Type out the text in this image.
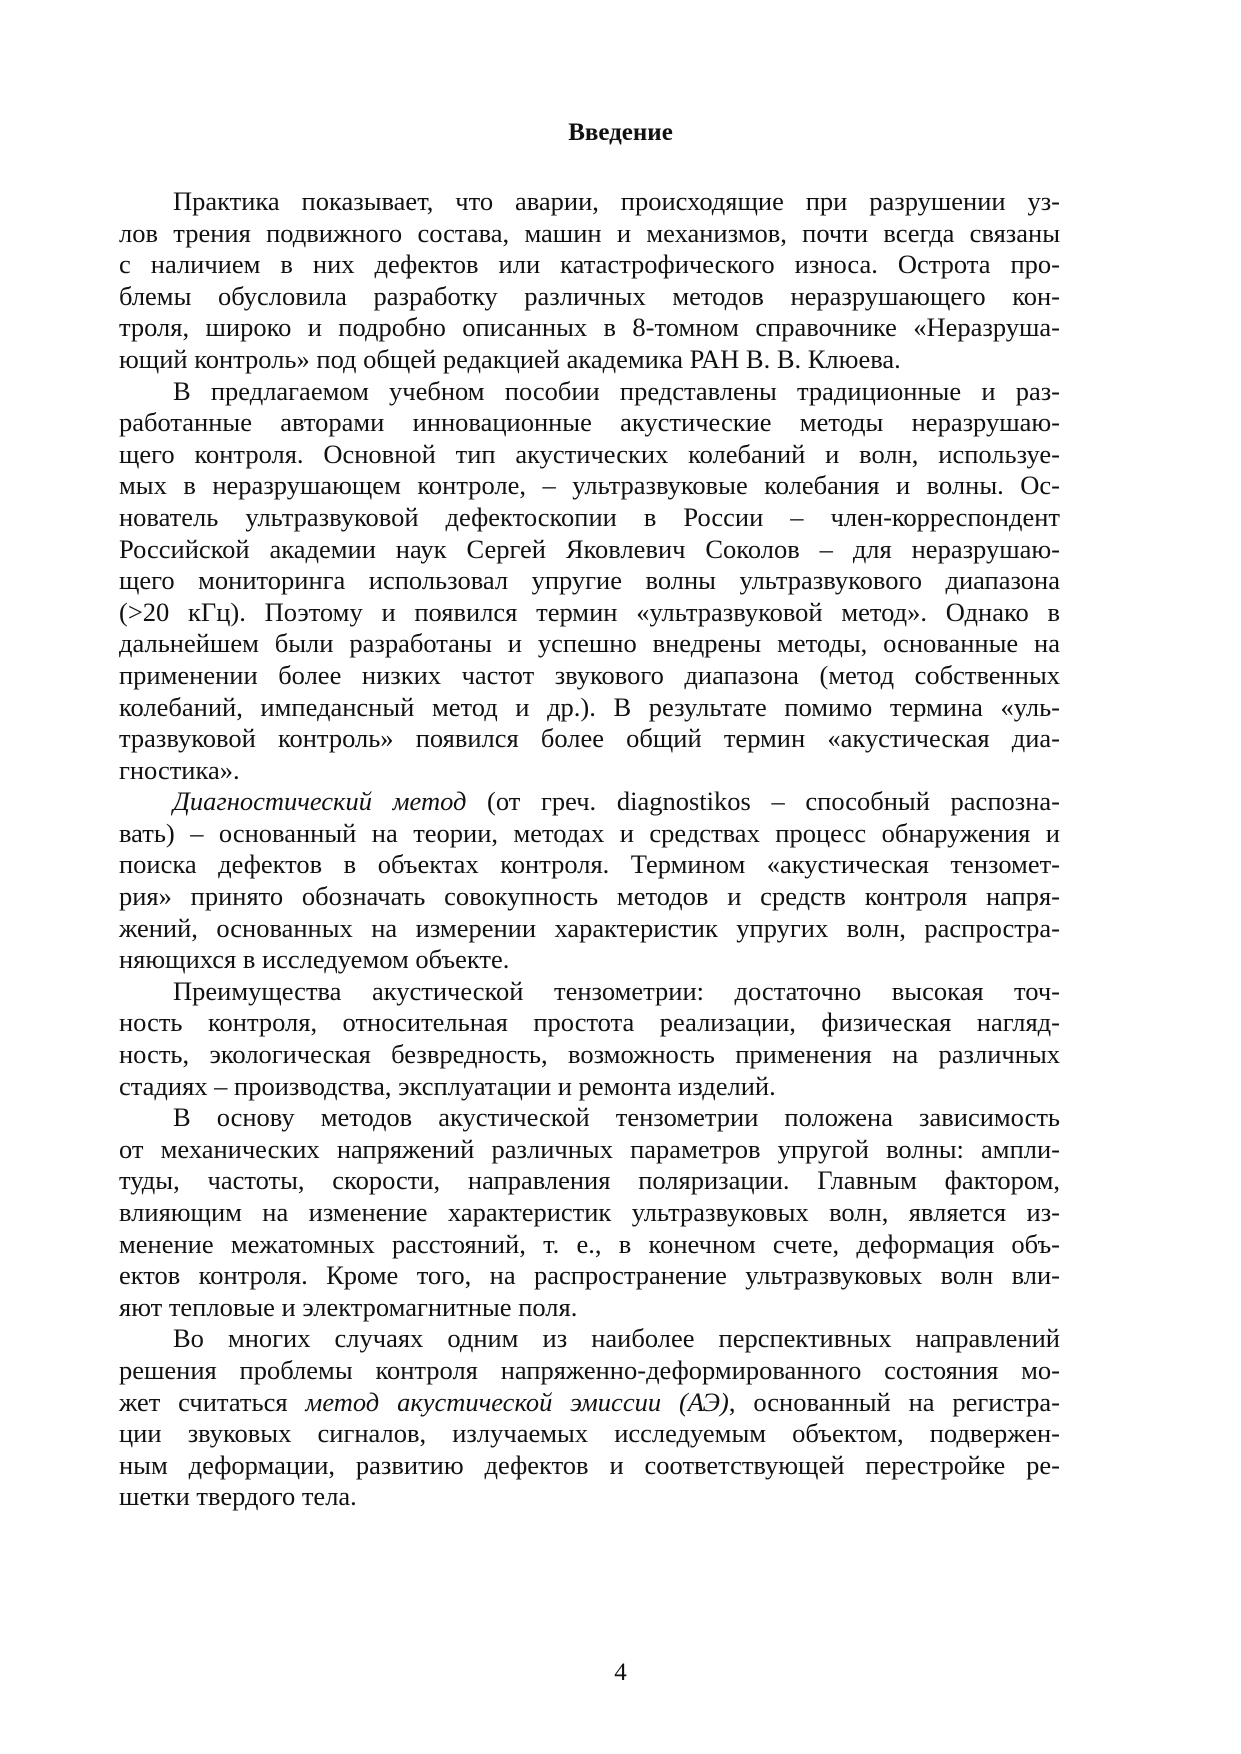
Введение
Практика показывает, что аварии, происходящие при разрушении уз-
лов трения подвижного состава, машин и механизмов, почти всегда связаны
с наличием в них дефектов или катастрофического износа. Острота про-
блемы обусловила разработку различных методов неразрушающего кон-
троля, широко и подробно описанных в 8-томном справочнике «Неразруша-
ющий контроль» под общей редакцией академика РАН В. В. Клюева.
В предлагаемом учебном пособии представлены традиционные и раз-
работанные авторами инновационные акустические методы неразрушаю-
щего контроля. Основной тип акустических колебаний и волн, используе-
мых в неразрушающем контроле, – ультразвуковые колебания и волны. Ос-
нователь ультразвуковой дефектоскопии в России – член-корреспондент
Российской академии наук Сергей Яковлевич Соколов – для неразрушаю-
щего мониторинга использовал упругие волны ультразвукового диапазона
(>20 кГц). Поэтому и появился термин «ультразвуковой метод». Однако в
дальнейшем были разработаны и успешно внедрены методы, основанные на
применении более низких частот звукового диапазона (метод собственных
колебаний, импедансный метод и др.). В результате помимо термина «уль-
тразвуковой контроль» появился более общий термин «акустическая диа-
гностика».
Диагностический метод (от греч. diagnostikos – способный распозна-
вать) – основанный на теории, методах и средствах процесс обнаружения и
поиска дефектов в объектах контроля. Термином «акустическая тензомет-
рия» принято обозначать совокупность методов и средств контроля напря-
жений, основанных на измерении характеристик упругих волн, распростра-
няющихся в исследуемом объекте.
Преимущества акустической тензометрии: достаточно высокая точ-
ность контроля, относительная простота реализации, физическая нагляд-
ность, экологическая безвредность, возможность применения на различных
стадиях – производства, эксплуатации и ремонта изделий.
В основу методов акустической тензометрии положена зависимость
от механических напряжений различных параметров упругой волны: ампли-
туды, частоты, скорости, направления поляризации. Главным фактором,
влияющим на изменение характеристик ультразвуковых волн, является из-
менение межатомных расстояний, т. е., в конечном счете, деформация объ-
ектов контроля. Кроме того, на распространение ультразвуковых волн вли-
яют тепловые и электромагнитные поля.
Во многих случаях одним из наиболее перспективных направлений
решения проблемы контроля напряженно-деформированного состояния мо-
жет считаться метод акустической эмиссии (АЭ), основанный на регистра-
ции звуковых сигналов, излучаемых исследуемым объектом, подвержен-
ным деформации, развитию дефектов и соответствующей перестройке ре-
шетки твердого тела.
4
